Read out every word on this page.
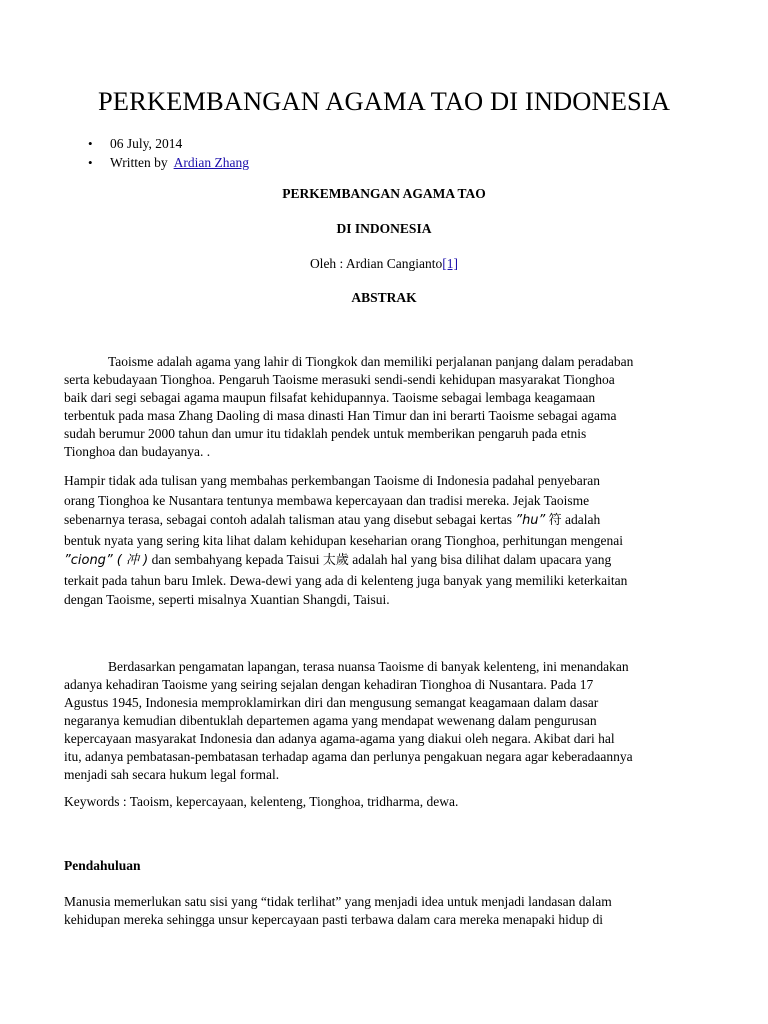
PERKEMBANGAN AGAMA TAO DI INDONESIA
• 06 July, 2014
• Written by Ardian Zhang
PERKEMBANGAN AGAMA TAO
DI INDONESIA
Oleh : Ardian Cangianto[1]
ABSTRAK
Taoisme adalah agama yang lahir di Tiongkok dan memiliki perjalanan panjang dalam peradaban
serta kebudayaan Tionghoa. Pengaruh Taoisme merasuki sendi-sendi kehidupan masyarakat Tionghoa
baik dari segi sebagai agama maupun filsafat kehidupannya. Taoisme sebagai lembaga keagamaan
terbentuk pada masa Zhang Daoling di masa dinasti Han Timur dan ini berarti Taoisme sebagai agama
sudah berumur 2000 tahun dan umur itu tidaklah pendek untuk memberikan pengaruh pada etnis
Tionghoa dan budayanya. .
Hampir tidak ada tulisan yang membahas perkembangan Taoisme di Indonesia padahal penyebaran
orang Tionghoa ke Nusantara tentunya membawa kepercayaan dan tradisi mereka. Jejak Taoisme
sebenarnya terasa, sebagai contoh adalah talisman atau yang disebut sebagai kertas ”hu” 符 adalah
bentuk nyata yang sering kita lihat dalam kehidupan keseharian orang Tionghoa, perhitungan mengenai
”ciong” ( 冲 ) dan sembahyang kepada Taisui 太歲 adalah hal yang bisa dilihat dalam upacara yang
terkait pada tahun baru Imlek. Dewa-dewi yang ada di kelenteng juga banyak yang memiliki keterkaitan
dengan Taoisme, seperti misalnya Xuantian Shangdi, Taisui.
Berdasarkan pengamatan lapangan, terasa nuansa Taoisme di banyak kelenteng, ini menandakan
adanya kehadiran Taoisme yang seiring sejalan dengan kehadiran Tionghoa di Nusantara. Pada 17
Agustus 1945, Indonesia memproklamirkan diri dan mengusung semangat keagamaan dalam dasar
negaranya kemudian dibentuklah departemen agama yang mendapat wewenang dalam pengurusan
kepercayaan masyarakat Indonesia dan adanya agama-agama yang diakui oleh negara. Akibat dari hal
itu, adanya pembatasan-pembatasan terhadap agama dan perlunya pengakuan negara agar keberadaannya
menjadi sah secara hukum legal formal.
Keywords : Taoism, kepercayaan, kelenteng, Tionghoa, tridharma, dewa.
Pendahuluan
Manusia memerlukan satu sisi yang “tidak terlihat” yang menjadi idea untuk menjadi landasan dalam
kehidupan mereka sehingga unsur kepercayaan pasti terbawa dalam cara mereka menapaki hidup di
